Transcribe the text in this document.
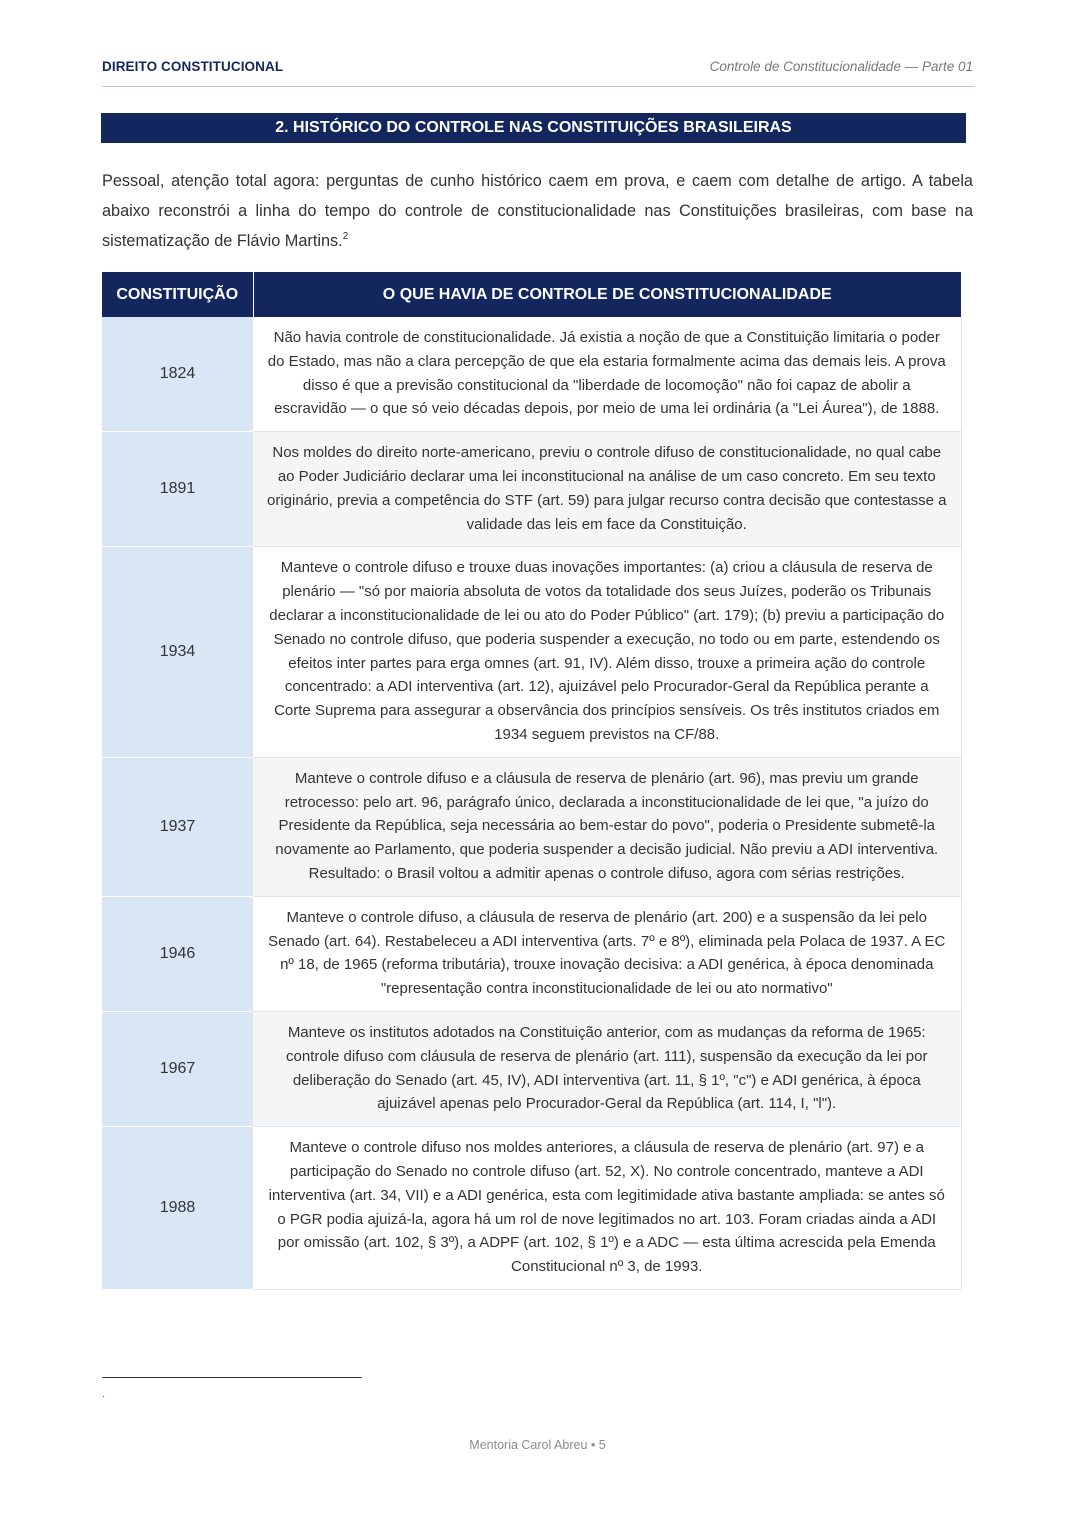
DIREITO CONSTITUCIONAL	Controle de Constitucionalidade — Parte 01
2. HISTÓRICO DO CONTROLE NAS CONSTITUIÇÕES BRASILEIRAS

Pessoal, atenção total agora: perguntas de cunho histórico caem em prova, e caem com detalhe de artigo. A tabela abaixo reconstrói a linha do tempo do controle de constitucionalidade nas Constituições brasileiras, com base na sistematização de Flávio Martins.$^2$

CONSTITUIÇÃO	O QUE HAVIA DE CONTROLE DE CONSTITUCIONALIDADE
1824	Não havia controle de constitucionalidade. Já existia a noção de que a Constituição limitaria o poder do Estado, mas não a clara percepção de que ela estaria formalmente acima das demais leis. A prova disso é que a previsão constitucional da "liberdade de locomoção" não foi capaz de abolir a escravidão — o que só veio décadas depois, por meio de uma lei ordinária (a "Lei Áurea"), de 1888.
1891	Nos moldes do direito norte-americano, previu o controle difuso de constitucionalidade, no qual cabe ao Poder Judiciário declarar uma lei inconstitucional na análise de um caso concreto. Em seu texto originário, previa a competência do STF (art. 59) para julgar recurso contra decisão que contestasse a validade das leis em face da Constituição.
1934	Manteve o controle difuso e trouxe duas inovações importantes: (a) criou a cláusula de reserva de plenário — "só por maioria absoluta de votos da totalidade dos seus Juízes, poderão os Tribunais declarar a inconstitucionalidade de lei ou ato do Poder Público" (art. 179); (b) previu a participação do Senado no controle difuso, que poderia suspender a execução, no todo ou em parte, estendendo os efeitos inter partes para erga omnes (art. 91, IV). Além disso, trouxe a primeira ação do controle concentrado: a ADI interventiva (art. 12), ajuizável pelo Procurador-Geral da República perante a Corte Suprema para assegurar a observância dos princípios sensíveis. Os três institutos criados em 1934 seguem previstos na CF/88.
1937	Manteve o controle difuso e a cláusula de reserva de plenário (art. 96), mas previu um grande retrocesso: pelo art. 96, parágrafo único, declarada a inconstitucionalidade de lei que, "a juízo do Presidente da República, seja necessária ao bem-estar do povo", poderia o Presidente submetê-la novamente ao Parlamento, que poderia suspender a decisão judicial. Não previu a ADI interventiva. Resultado: o Brasil voltou a admitir apenas o controle difuso, agora com sérias restrições.
1946	Manteve o controle difuso, a cláusula de reserva de plenário (art. 200) e a suspensão da lei pelo Senado (art. 64). Restabeleceu a ADI interventiva (arts. 7º e 8º), eliminada pela Polaca de 1937. A EC nº 18, de 1965 (reforma tributária), trouxe inovação decisiva: a ADI genérica, à época denominada "representação contra inconstitucionalidade de lei ou ato normativo"
1967	Manteve os institutos adotados na Constituição anterior, com as mudanças da reforma de 1965: controle difuso com cláusula de reserva de plenário (art. 111), suspensão da execução da lei por deliberação do Senado (art. 45, IV), ADI interventiva (art. 11, § 1º, "c") e ADI genérica, à época ajuizável apenas pelo Procurador-Geral da República (art. 114, I, "l").
1988	Manteve o controle difuso nos moldes anteriores, a cláusula de reserva de plenário (art. 97) e a participação do Senado no controle difuso (art. 52, X). No controle concentrado, manteve a ADI interventiva (art. 34, VII) e a ADI genérica, esta com legitimidade ativa bastante ampliada: se antes só o PGR podia ajuizá-la, agora há um rol de nove legitimados no art. 103. Foram criadas ainda a ADI por omissão (art. 102, § 3º), a ADPF (art. 102, § 1º) e a ADC — esta última acrescida pela Emenda Constitucional nº 3, de 1993.
.
Mentoria Carol Abreu • 5
